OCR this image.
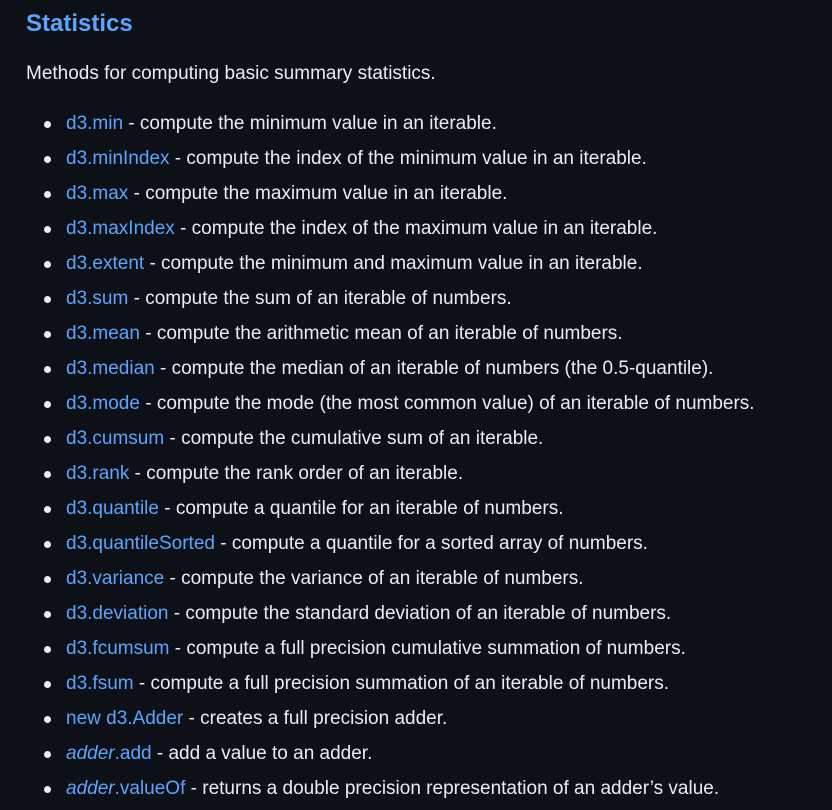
Statistics

Methods for computing basic summary statistics.

d3.min - compute the minimum value in an iterable.
d3.minIndex - compute the index of the minimum value in an iterable.
d3.max - compute the maximum value in an iterable.
d3.maxIndex - compute the index of the maximum value in an iterable.
d3.extent - compute the minimum and maximum value in an iterable.
d3.sum - compute the sum of an iterable of numbers.
d3.mean - compute the arithmetic mean of an iterable of numbers.
d3.median - compute the median of an iterable of numbers (the 0.5-quantile).
d3.mode - compute the mode (the most common value) of an iterable of numbers.
d3.cumsum - compute the cumulative sum of an iterable.
d3.rank - compute the rank order of an iterable.
d3.quantile - compute a quantile for an iterable of numbers.
d3.quantileSorted - compute a quantile for a sorted array of numbers.
d3.variance - compute the variance of an iterable of numbers.
d3.deviation - compute the standard deviation of an iterable of numbers.
d3.fcumsum - compute a full precision cumulative summation of numbers.
d3.fsum - compute a full precision summation of an iterable of numbers.
new d3.Adder - creates a full precision adder.
adder.add - add a value to an adder.
adder.valueOf - returns a double precision representation of an adder’s value.
